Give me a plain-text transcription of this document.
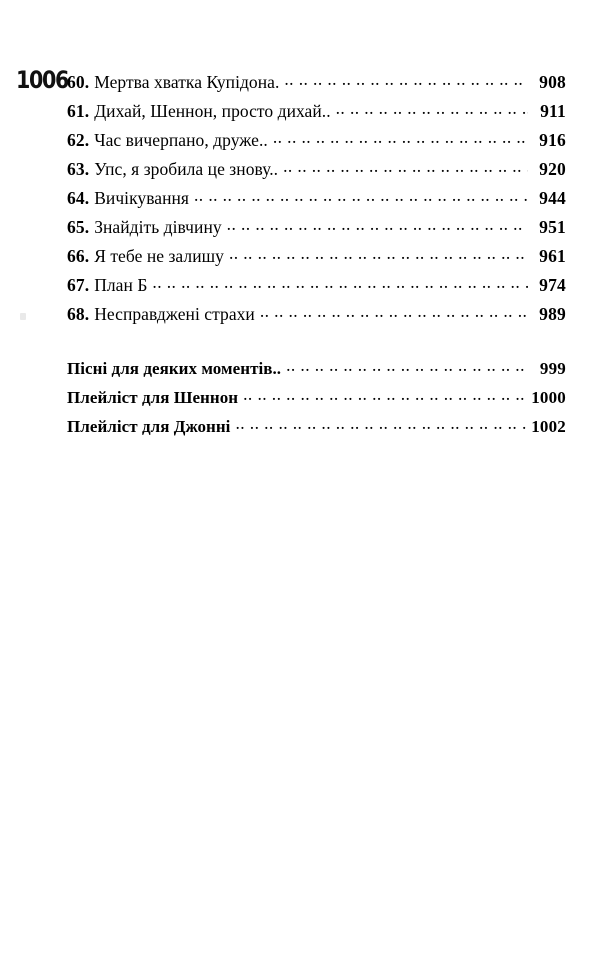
1006 60. Мертва хватка Купідона. .. ..	908
61. Дихай, Шеннон, просто дихай.. .. ..	911
62. Час вичерпано, друже.. .. ..	916
63. Упс, я зробила це знову.. .. ..	920
64. Вичікування .. ..	944
65. Знайдіть дівчину .. ..	951
66. Я тебе не залишу .. ..	961
67. План Б .. ..	974
68. Несправджені страхи .. ..	989
Пісні для деяких моментів.. .. ..	999
Плейліст для Шеннон .. ..	1000
Плейліст для Джонні .. ..	1002
